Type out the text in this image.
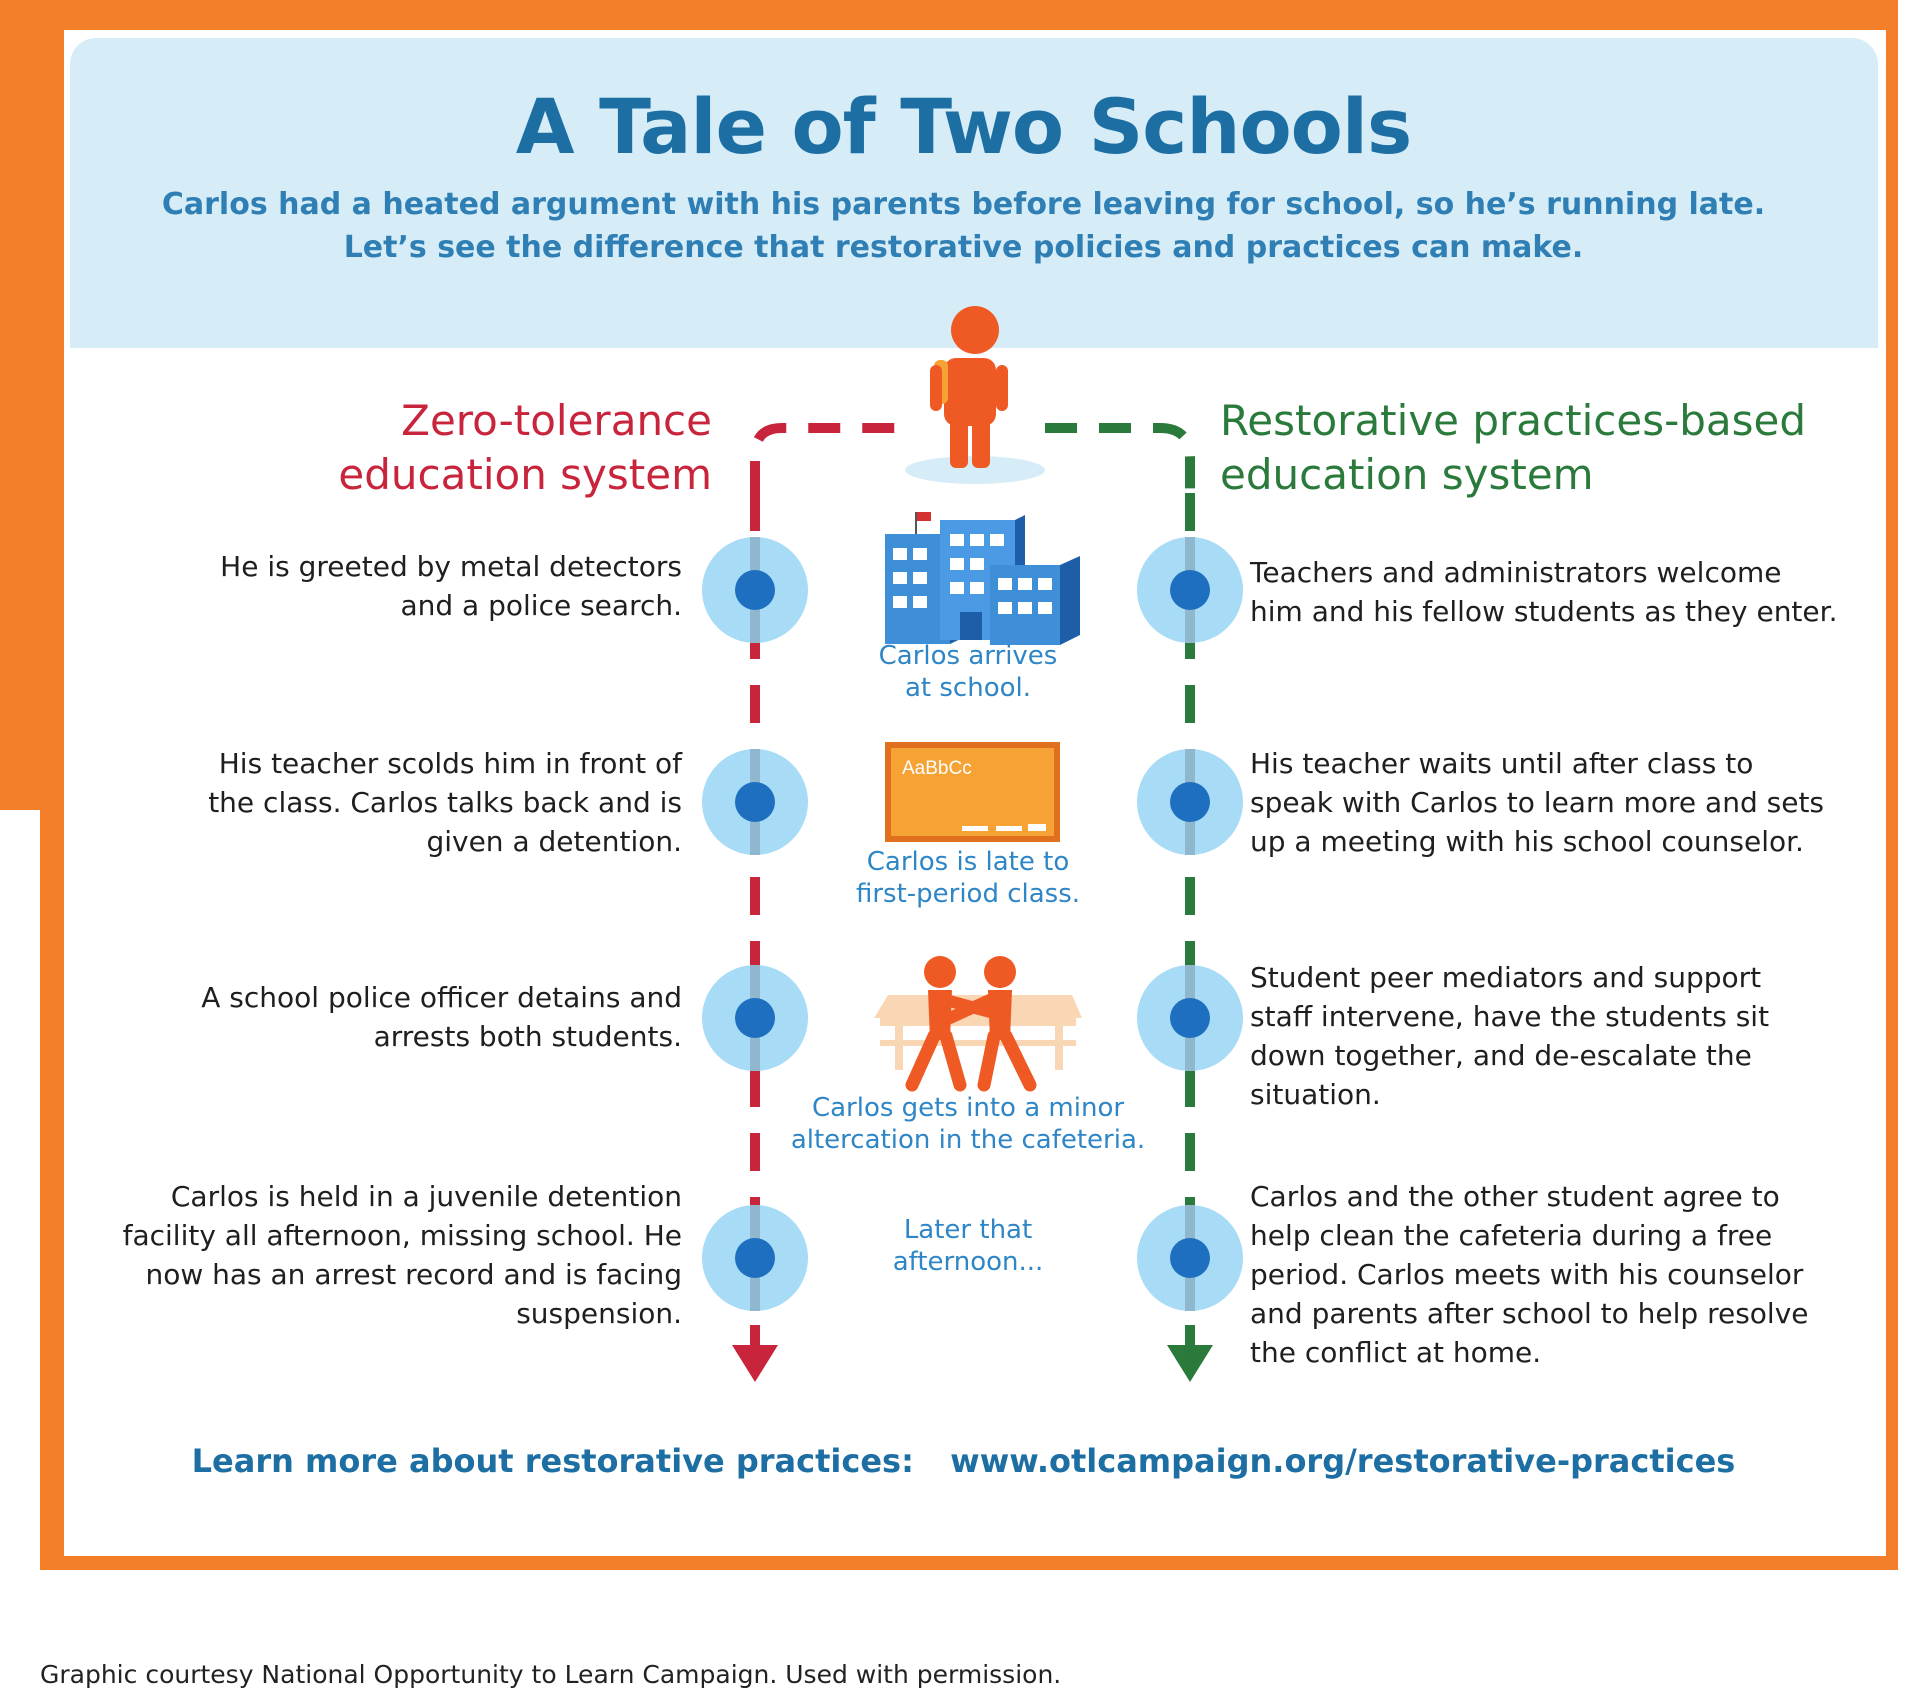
A Tale of Two Schools
Carlos had a heated argument with his parents before leaving for school, so he’s running late.
Let’s see the difference that restorative policies and practices can make.
AaBbCc
Zero-tolerance
education system
Restorative practices-based
education system
He is greeted by metal detectors
and a police search.
His teacher scolds him in front of
the class. Carlos talks back and is
given a detention.
A school police officer detains and
arrests both students.
Carlos is held in a juvenile detention
facility all afternoon, missing school. He
now has an arrest record and is facing
suspension.
Teachers and administrators welcome
him and his fellow students as they enter.
His teacher waits until after class to
speak with Carlos to learn more and sets
up a meeting with his school counselor.
Student peer mediators and support
staff intervene, have the students sit
down together, and de-escalate the
situation.
Carlos and the other student agree to
help clean the cafeteria during a free
period. Carlos meets with his counselor
and parents after school to help resolve
the conflict at home.
Carlos arrives
at school.
Carlos is late to
first-period class.
Carlos gets into a minor
altercation in the cafeteria.
Later that
afternoon...
Learn more about restorative practices: www.otlcampaign.org/restorative-practices
Graphic courtesy National Opportunity to Learn Campaign. Used with permission.
